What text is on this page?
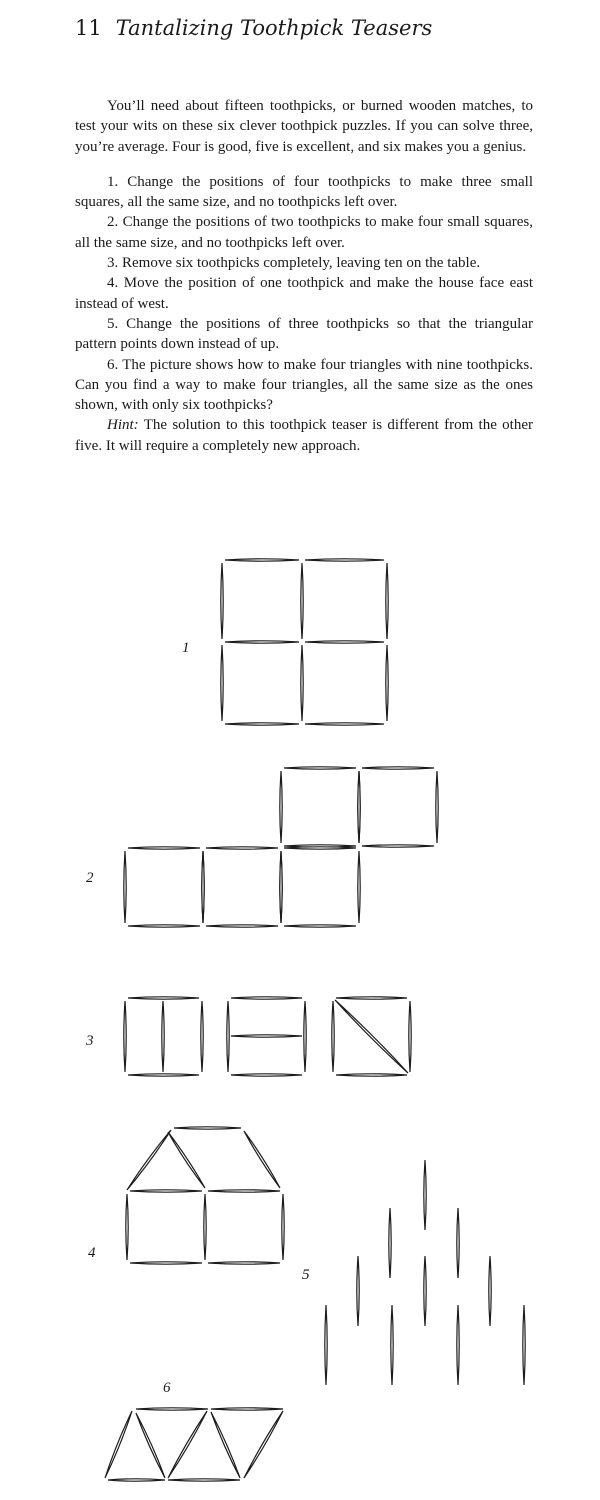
11 Tantalizing Toothpick Teasers

You’ll need about fifteen toothpicks, or burned wooden matches, to test your wits on these six clever toothpick puzzles. If you can solve three, you’re average. Four is good, five is excellent, and six makes you a genius.

1. Change the positions of four toothpicks to make three small squares, all the same size, and no toothpicks left over.

2. Change the positions of two toothpicks to make four small squares, all the same size, and no toothpicks left over.

3. Remove six toothpicks completely, leaving ten on the table.

4. Move the position of one toothpick and make the house face east instead of west.

5. Change the positions of three toothpicks so that the triangular pattern points down instead of up.

6. The picture shows how to make four triangles with nine toothpicks. Can you find a way to make four triangles, all the same size as the ones shown, with only six toothpicks?

Hint: The solution to this toothpick teaser is different from the other five. It will require a completely new approach.

1
2
3
4
5
6
